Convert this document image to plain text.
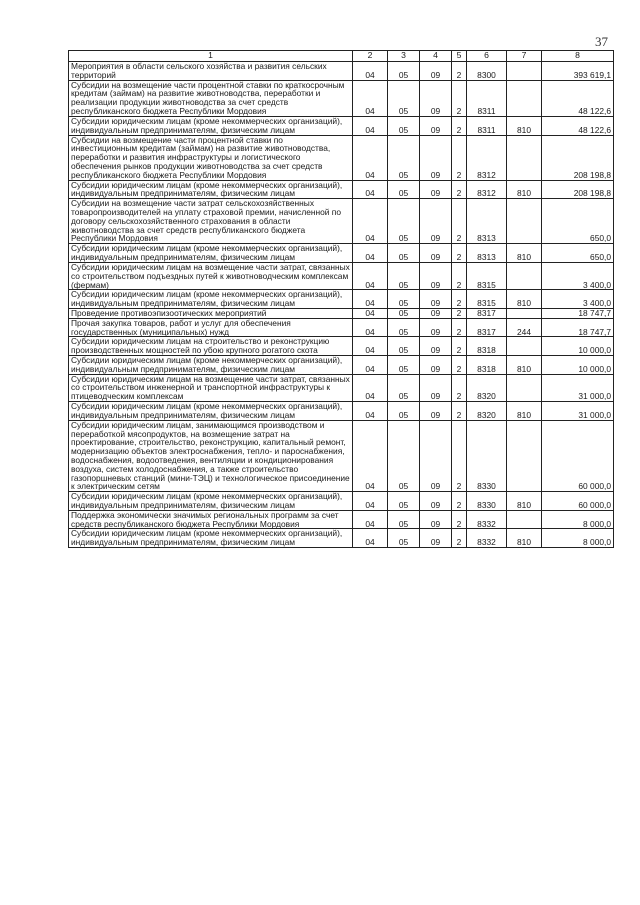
37
1	2	3	4	5	6	7	8
Мероприятия в области сельского хозяйства и развития сельских территорий	04	05	09	2	8300		393 619,1
Субсидии на возмещение части процентной ставки по краткосрочным кредитам (займам) на развитие животноводства, переработки и реализации продукции животноводства за счет средств республиканского бюджета Республики Мордовия	04	05	09	2	8311		48 122,6
Субсидии юридическим лицам (кроме некоммерческих организаций), индивидуальным предпринимателям, физическим лицам	04	05	09	2	8311	810	48 122,6
Субсидии на возмещение части процентной ставки по инвестиционным кредитам (займам) на развитие животноводства, переработки и развития инфраструктуры и логистического обеспечения рынков продукции животноводства за счет средств республиканского бюджета Республики Мордовия	04	05	09	2	8312		208 198,8
Субсидии юридическим лицам (кроме некоммерческих организаций), индивидуальным предпринимателям, физическим лицам	04	05	09	2	8312	810	208 198,8
Субсидии на возмещение части затрат сельскохозяйственных товаропроизводителей на уплату страховой премии, начисленной по договору сельскохозяйственного страхования в области животноводства за счет средств республиканского бюджета Республики Мордовия	04	05	09	2	8313		650,0
Субсидии юридическим лицам (кроме некоммерческих организаций), индивидуальным предпринимателям, физическим лицам	04	05	09	2	8313	810	650,0
Субсидии юридическим лицам на возмещение части затрат, связанных со строительством подъездных путей к животноводческим комплексам (фермам)	04	05	09	2	8315		3 400,0
Субсидии юридическим лицам (кроме некоммерческих организаций), индивидуальным предпринимателям, физическим лицам	04	05	09	2	8315	810	3 400,0
Проведение противоэпизоотических мероприятий	04	05	09	2	8317		18 747,7
Прочая закупка товаров, работ и услуг для обеспечения государственных (муниципальных) нужд	04	05	09	2	8317	244	18 747,7
Субсидии юридическим лицам на строительство и реконструкцию производственных мощностей по убою крупного рогатого скота	04	05	09	2	8318		10 000,0
Субсидии юридическим лицам (кроме некоммерческих организаций), индивидуальным предпринимателям, физическим лицам	04	05	09	2	8318	810	10 000,0
Субсидии юридическим лицам на возмещение части затрат, связанных со строительством инженерной и транспортной инфраструктуры к птицеводческим комплексам	04	05	09	2	8320		31 000,0
Субсидии юридическим лицам (кроме некоммерческих организаций), индивидуальным предпринимателям, физическим лицам	04	05	09	2	8320	810	31 000,0
Субсидии юридическим лицам, занимающимся производством и переработкой мясопродуктов, на возмещение затрат на проектирование, строительство, реконструкцию, капитальный ремонт, модернизацию объектов электроснабжения, тепло- и пароснабжения, водоснабжения, водоотведения, вентиляции и кондиционирования воздуха, систем холодоснабжения, а также строительство газопоршневых станций (мини-ТЭЦ) и технологическое присоединение к электрическим сетям	04	05	09	2	8330		60 000,0
Субсидии юридическим лицам (кроме некоммерческих организаций), индивидуальным предпринимателям, физическим лицам	04	05	09	2	8330	810	60 000,0
Поддержка экономически значимых региональных программ за счет средств республиканского бюджета Республики Мордовия	04	05	09	2	8332		8 000,0
Субсидии юридическим лицам (кроме некоммерческих организаций), индивидуальным предпринимателям, физическим лицам	04	05	09	2	8332	810	8 000,0
